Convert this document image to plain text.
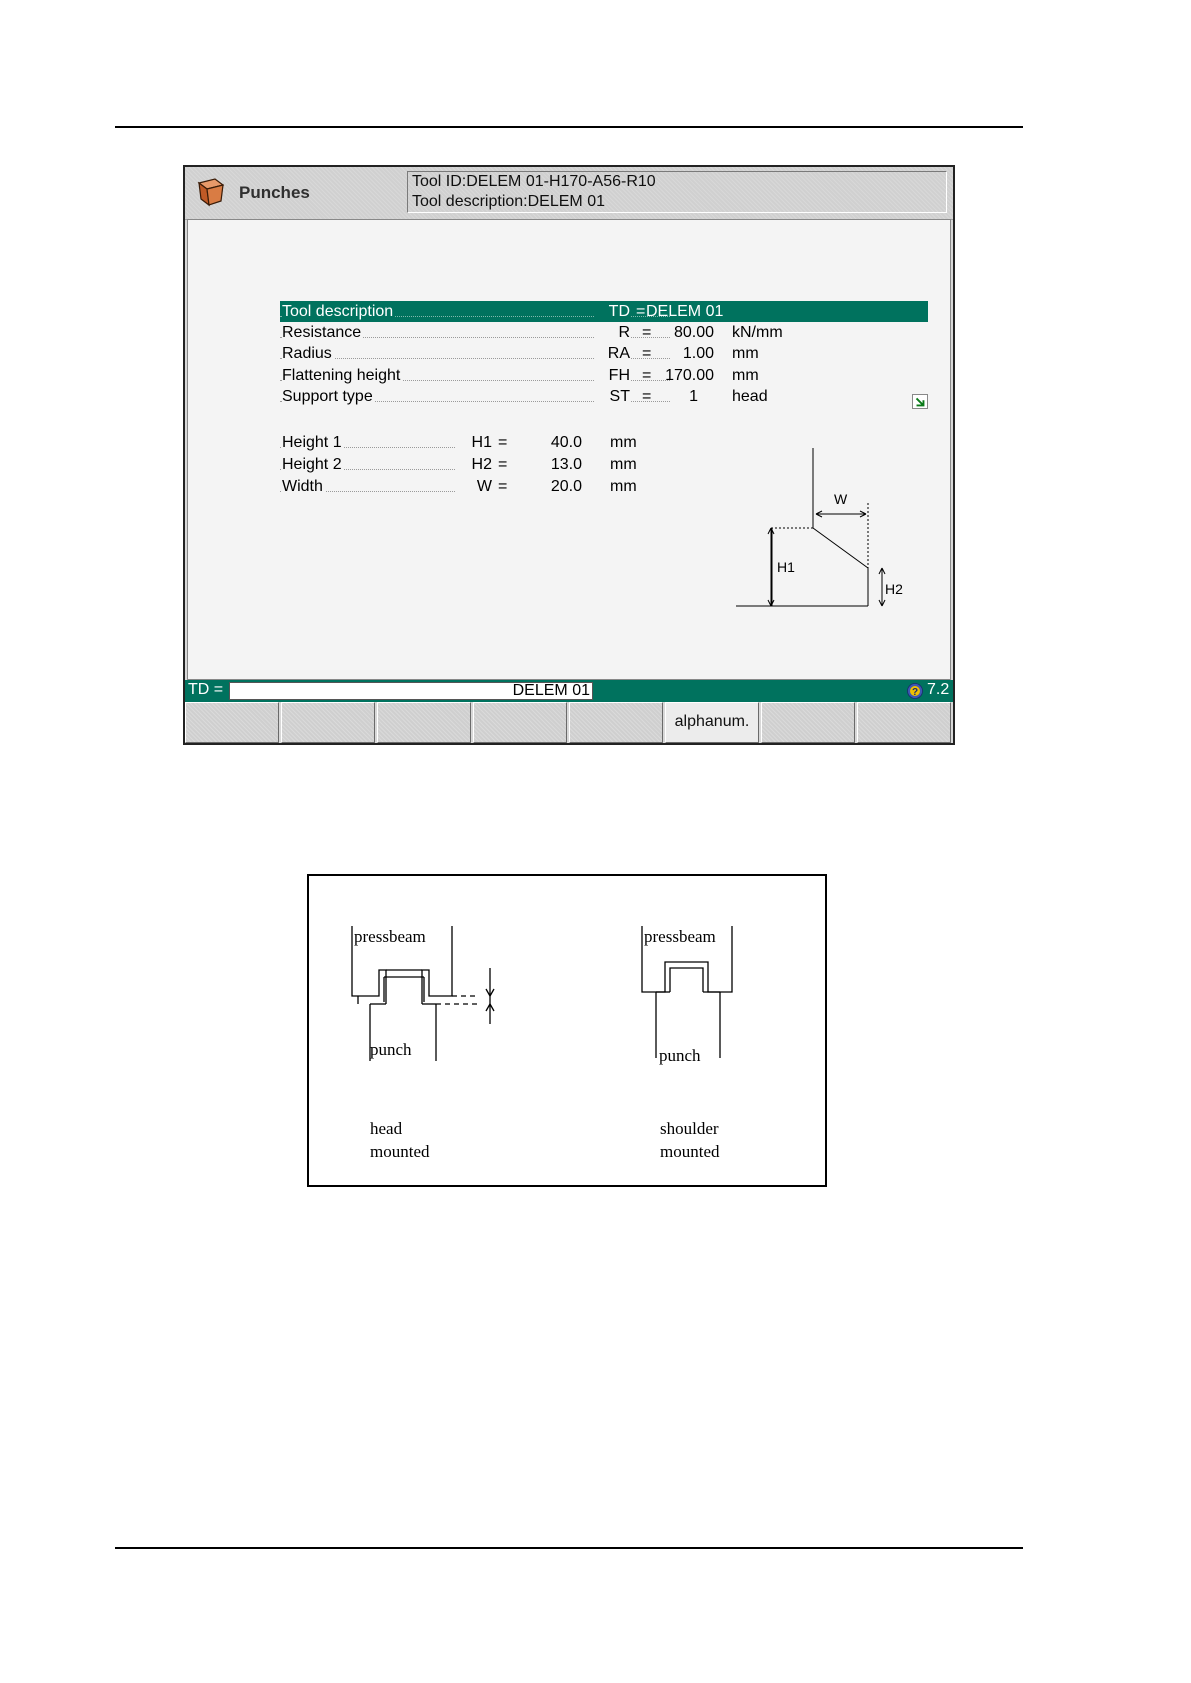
Punches
Tool ID:DELEM 01-H170-A56-R10
Tool description:DELEM 01
Tool description	TD = DELEM 01
Resistance	R =	80.00 kN/mm
Radius	RA =	1.00 mm
Flattening height	FH = 170.00 mm
Support type	ST =	1 head
Height 1	H1 =	40.0 mm
Height 2	H2 =	13.0 mm
Width	W =	20.0 mm
W
H1
H2
TD =	DELEM 01	? 7.2
alphanum.
pressbeam
punch
head
mounted
pressbeam
punch
shoulder
mounted
